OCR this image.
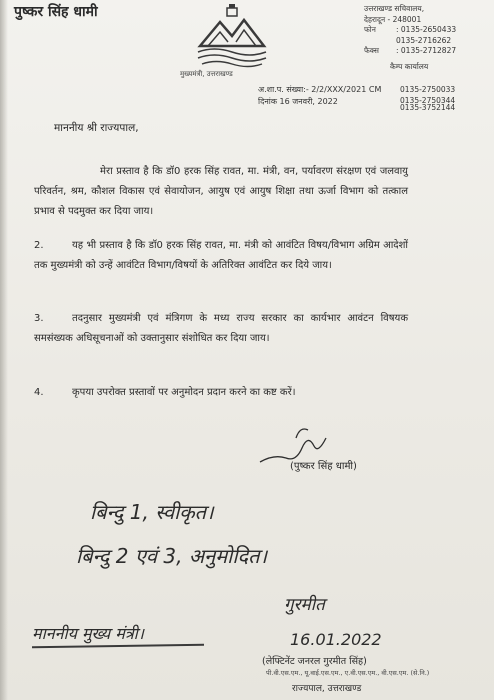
पुष्कर सिंह धामी
मुख्यमंत्री, उत्तराखण्ड
उत्तराखण्ड सचिवालय,
देहरादून - 248001
फोन	: 0135-2650433
0135-2716262
फैक्स : 0135-2712827
कैम्प कार्यालय
अ.शा.प. संख्या:- 2/2/XXX/2021 CM
दिनांक 16 जनवरी, 2022
0135-2750033
0135-2750344
0135-3752144
माननीय श्री राज्यपाल,
मेरा प्रस्ताव है कि डॉ0 हरक सिंह रावत, मा. मंत्री, वन, पर्यावरण संरक्षण एवं जलवायु परिवर्तन, श्रम, कौशल विकास एवं सेवायोजन, आयुष एवं आयुष शिक्षा तथा ऊर्जा विभाग को तत्काल प्रभाव से पदमुक्त कर दिया जाय।
2.	यह भी प्रस्ताव है कि डॉ0 हरक सिंह रावत, मा. मंत्री को आवंटित विषय/विभाग अग्रिम आदेशों तक मुख्यमंत्री को उन्हें आवंटित विभाग/विषयों के अतिरिक्त आवंटित कर दिये जाय।
3.	तदनुसार मुख्यमंत्री एवं मंत्रिगण के मध्य राज्य सरकार का कार्यभार आवंटन विषयक समसंख्यक अधिसूचनाओं को उक्तानुसार संशोधित कर दिया जाय।
4.	कृपया उपरोक्त प्रस्तावों पर अनुमोदन प्रदान करने का कष्ट करें।
(पुष्कर सिंह धामी)
बिन्दु 1, स्वीकृत।
बिन्दु 2 एवं 3, अनुमोदित।
गुरमीत
माननीय मुख्य मंत्री।	16.01.2022
(लेफ्टिनेंट जनरल गुरमीत सिंह)
पी.वी.एस.एम., यू.वाई.एस.एम., ए.वी.एस.एम., वी.एस.एम. (से.नि.)
राज्यपाल, उत्तराखण्ड
